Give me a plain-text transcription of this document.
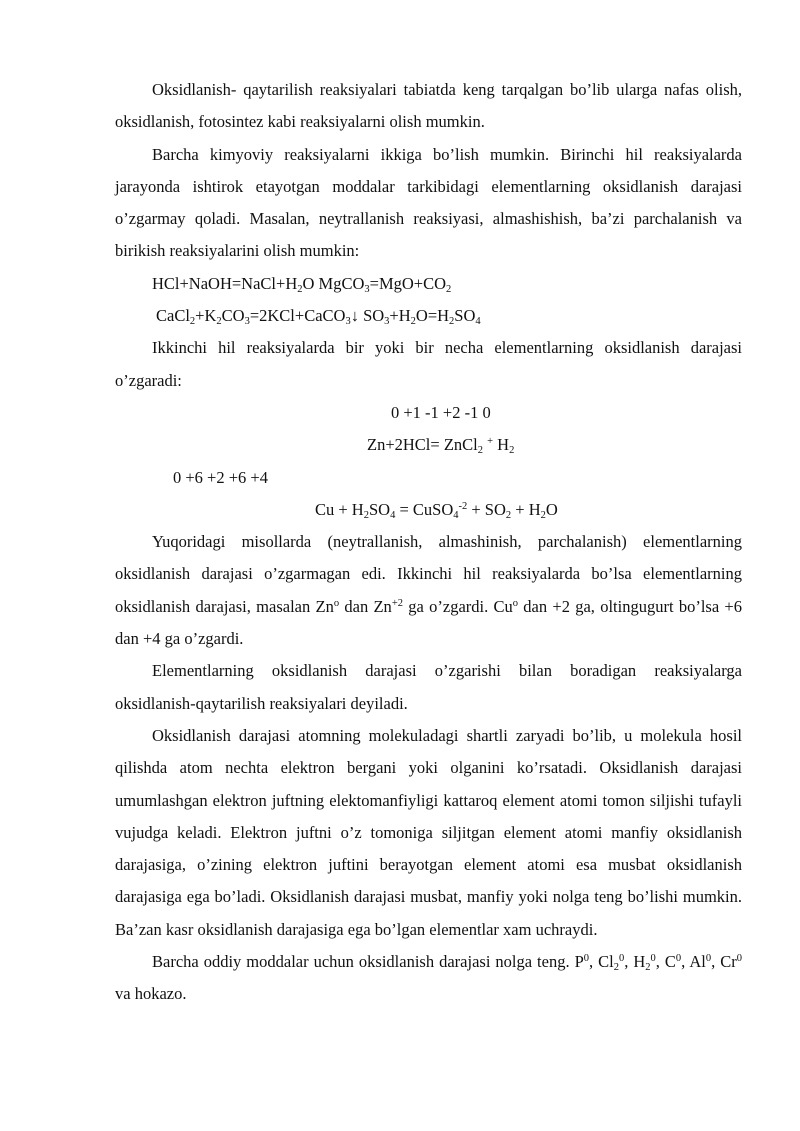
Oksidlanish- qaytarilish reaksiyalari tabiatda keng tarqalgan bo’lib ularga nafas olish, oksidlanish, fotosintez kabi reaksiyalarni olish mumkin.

Barcha kimyoviy reaksiyalarni ikkiga bo’lish mumkin. Birinchi hil reaksiyalarda jarayonda ishtirok etayotgan moddalar tarkibidagi elementlarning oksidlanish darajasi o’zgarmay qoladi. Masalan, neytrallanish reaksiyasi, almashishish, ba’zi parchalanish va birikish reaksiyalarini olish mumkin:

$HCl+NaOH=NaCl+H_2O$ $MgCO_3=MgO+CO_2$

$CaCl_2+K_2CO_3=2KCl+CaCO_3↓$ $SO_3+H_2O=H_2SO_4$

Ikkinchi hil reaksiyalarda bir yoki bir necha elementlarning oksidlanish darajasi o’zgaradi:

0 +1 -1 +2 -1 0

Zn+2HCl= ZnCl$_2$ + $H_2$

0 +6 +2 +6 +4

$Cu + H_2SO_4$ = CuSO$_4^{-2}$ + $SO_2 + H_2O$

Yuqoridagi misollarda (neytrallanish, almashinish, parchalanish) elementlarning oksidlanish darajasi o’zgarmagan edi. Ikkinchi hil reaksiyalarda bo’lsa elementlarning oksidlanish darajasi, masalan Zn$^o$ dan $Zn^{+2}$ ga o’zgardi. Cu$^o$ dan +2 ga, oltingugurt bo’lsa +6 dan +4 ga o’zgardi.

Elementlarning oksidlanish darajasi o’zgarishi bilan boradigan reaksiyalarga oksidlanish-qaytarilish reaksiyalari deyiladi.

Oksidlanish darajasi atomning molekuladagi shartli zaryadi bo’lib, u molekula hosil qilishda atom nechta elektron bergani yoki olganini ko’rsatadi. Oksidlanish darajasi umumlashgan elektron juftning elektomanfiyligi kattaroq element atomi tomon siljishi tufayli vujudga keladi. Elektron juftni o’z tomoniga siljitgan element atomi manfiy oksidlanish darajasiga, o’zining elektron juftini berayotgan element atomi esa musbat oksidlanish darajasiga ega bo’ladi. Oksidlanish darajasi musbat, manfiy yoki nolga teng bo’lishi mumkin. Ba’zan kasr oksidlanish darajasiga ega bo’lgan elementlar xam uchraydi.

Barcha oddiy moddalar uchun oksidlanish darajasi nolga teng. $P^0$, $Cl_2^0$, $H_2^0$, $C^0$, Al$^0$, Cr$^0$ va hokazo.
